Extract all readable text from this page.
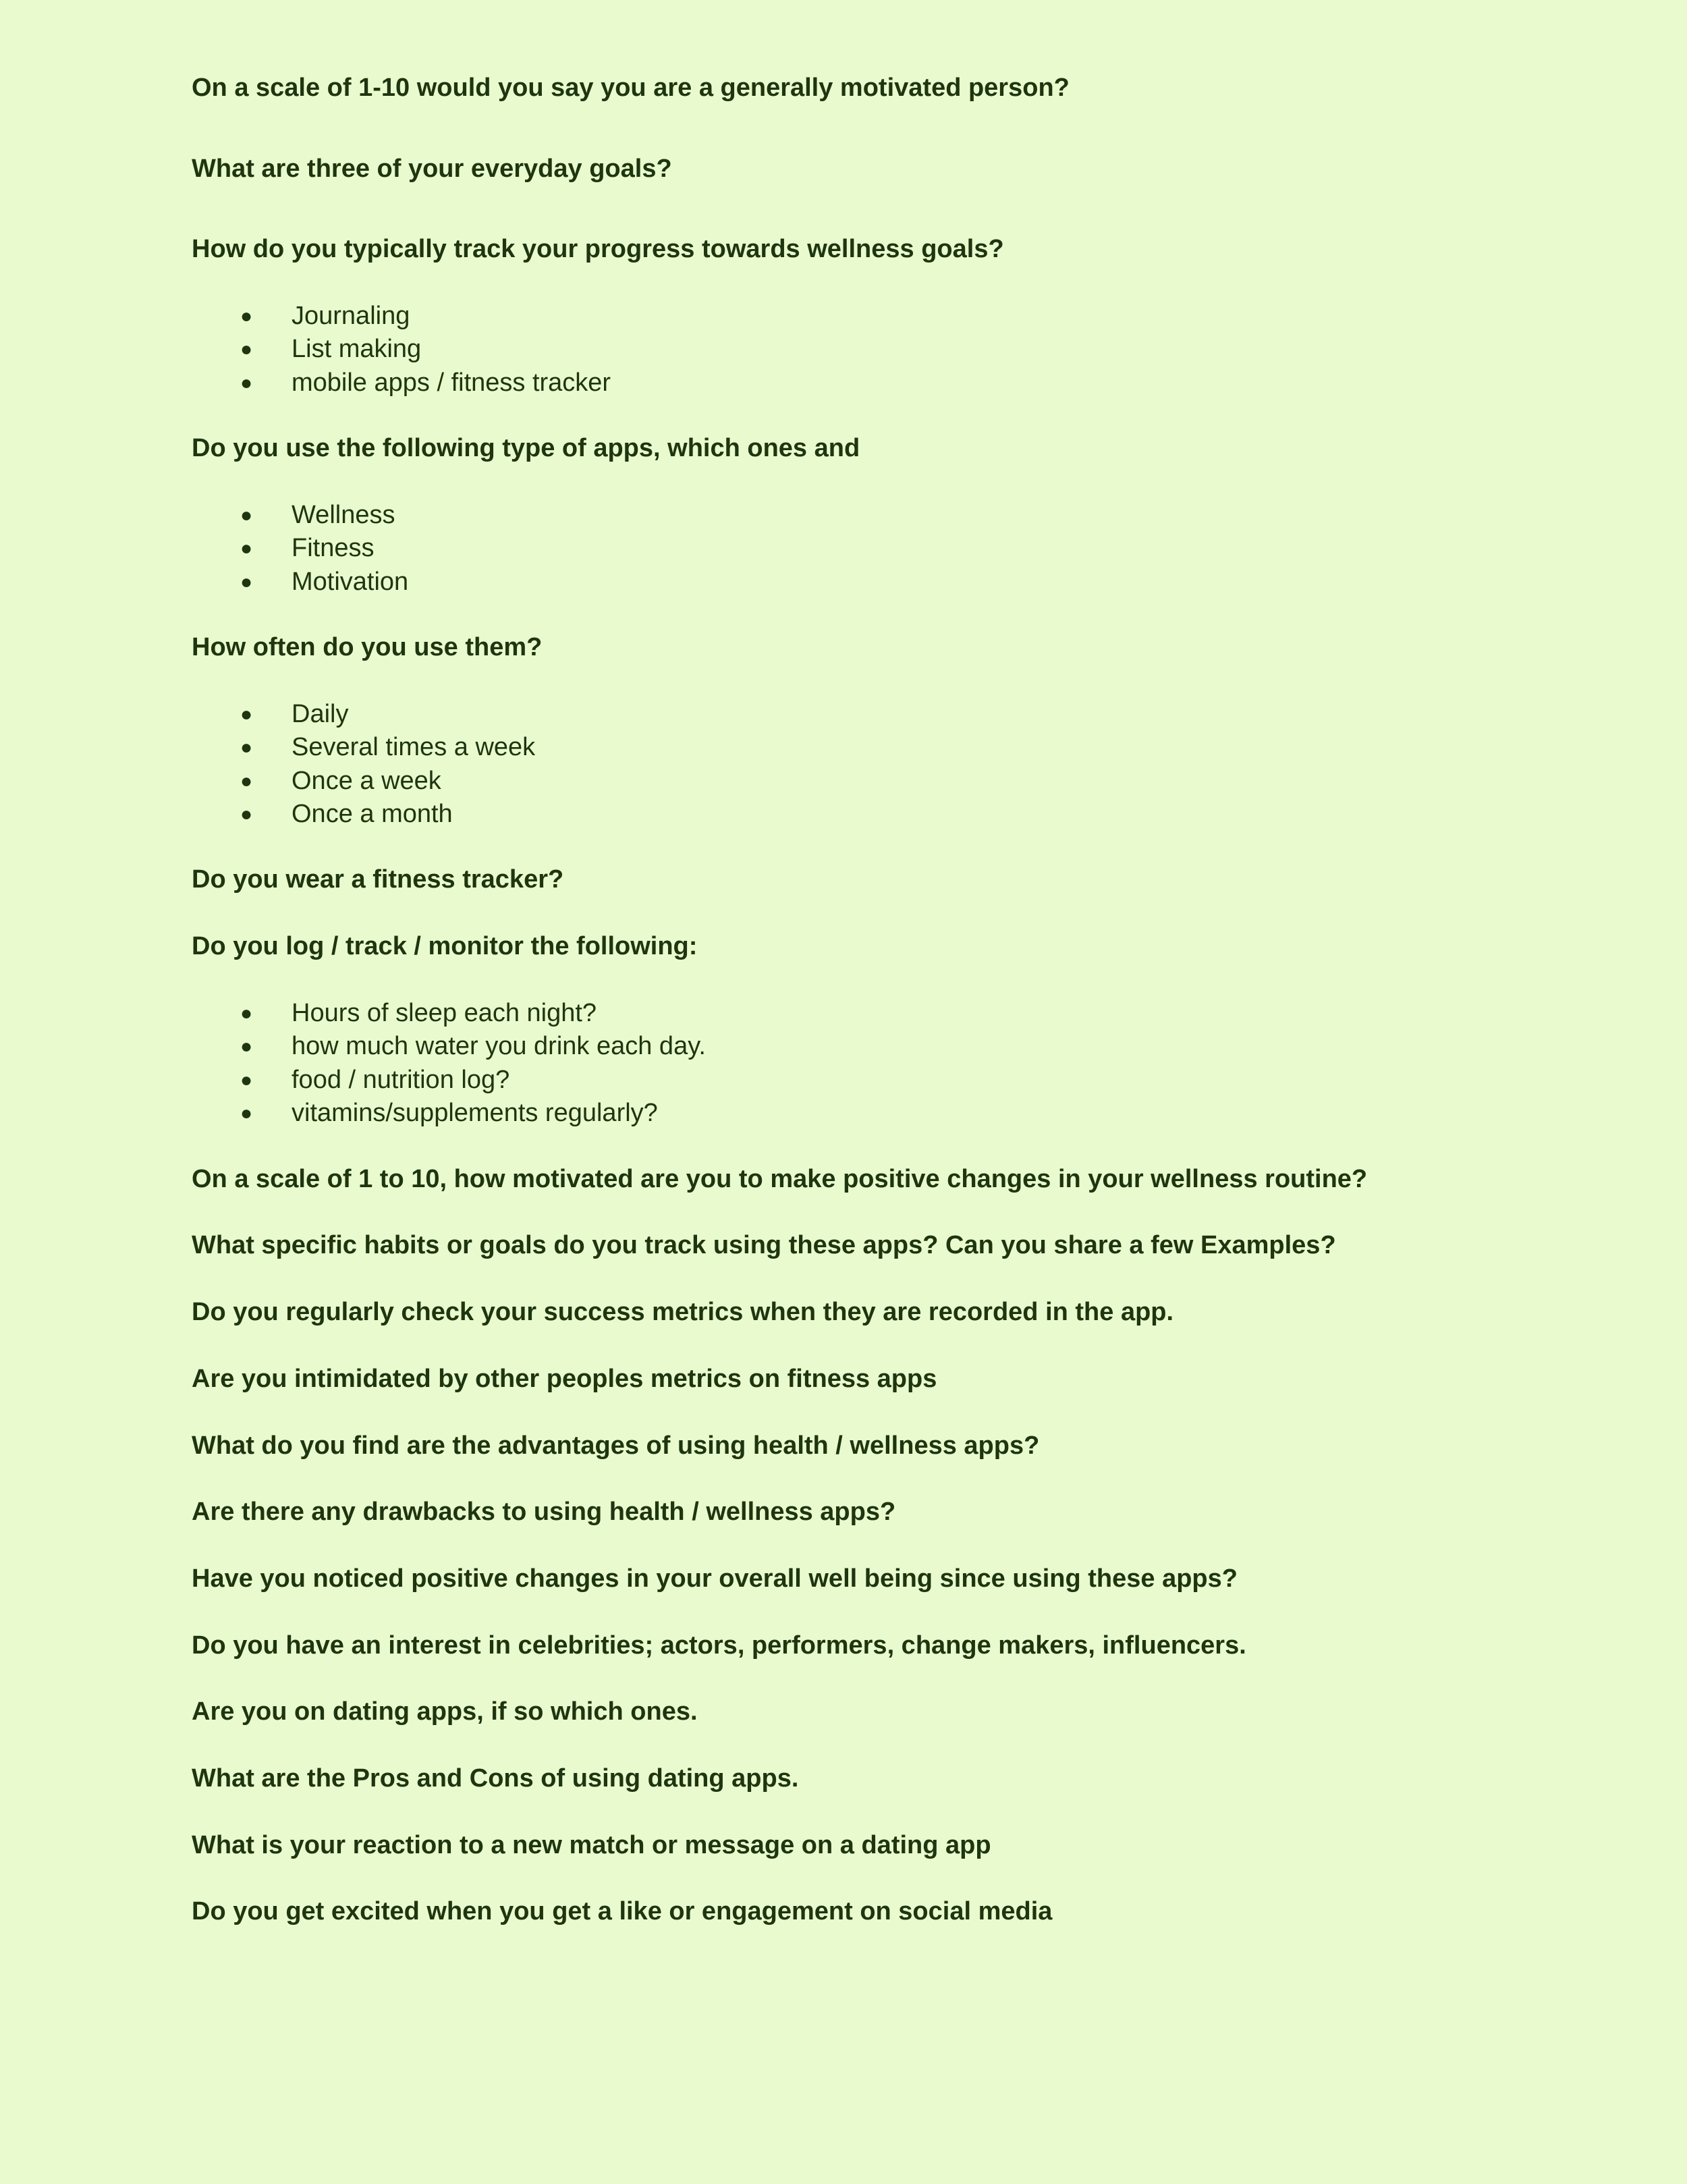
On a scale of 1-10 would you say you are a generally motivated person?

What are three of your everyday goals?

How do you typically track your progress towards wellness goals?

● Journaling
● List making
● mobile apps / fitness tracker

Do you use the following type of apps, which ones and

● Wellness
● Fitness
● Motivation

How often do you use them?

● Daily
● Several times a week
● Once a week
● Once a month

Do you wear a fitness tracker?

Do you log / track / monitor the following:

● Hours of sleep each night?
● how much water you drink each day.
● food / nutrition log?
● vitamins/supplements regularly?

On a scale of 1 to 10, how motivated are you to make positive changes in your wellness routine?

What specific habits or goals do you track using these apps? Can you share a few Examples?

Do you regularly check your success metrics when they are recorded in the app.

Are you intimidated by other peoples metrics on fitness apps

What do you find are the advantages of using health / wellness apps?

Are there any drawbacks to using health / wellness apps?

Have you noticed positive changes in your overall well being since using these apps?

Do you have an interest in celebrities; actors, performers, change makers, influencers.

Are you on dating apps, if so which ones.

What are the Pros and Cons of using dating apps.

What is your reaction to a new match or message on a dating app

Do you get excited when you get a like or engagement on social media
